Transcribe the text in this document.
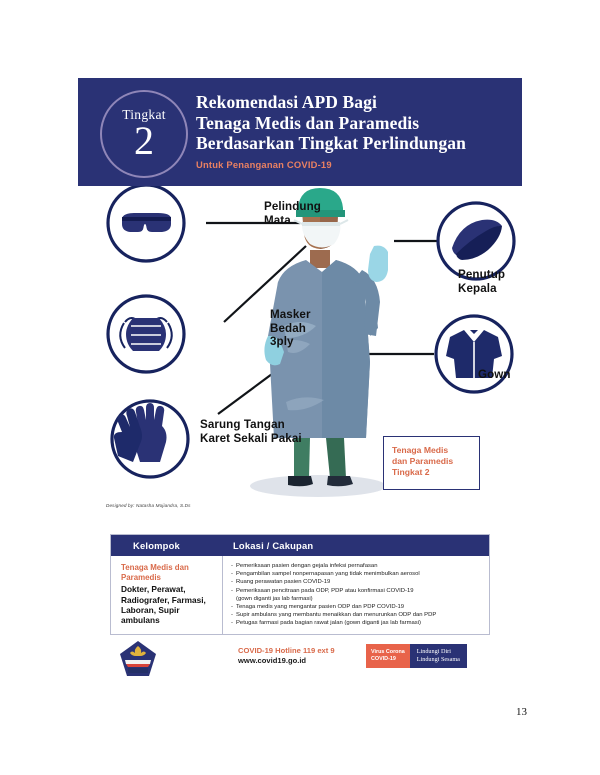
Tingkat
2
Rekomendasi APD Bagi
Tenaga Medis dan Paramedis
Berdasarkan Tingkat Perlindungan
Untuk Penanganan COVID-19
Pelindung
Mata
Masker
Bedah
3ply
Sarung Tangan
Karet Sekali Pakai
Penutup
Kepala
Gown
Designed by: Natasha Mojiandra, S.Ds
Tenaga Medis
dan Paramedis
Tingkat 2
Kelompok	Lokasi / Cakupan
Tenaga Medis dan
Paramedis
Dokter, Perawat, Radiografer, Farmasi, Laboran, Supir ambulans
- Pemeriksaan pasien dengan gejala infeksi pernafasan
- Pengambilan sampel nonpernapasan yang tidak menimbulkan aerosol
- Ruang perawatan pasien COVID-19
- Pemeriksaan pencitraan pada ODP, PDP atau konfirmasi COVID-19
(gown diganti jas lab farmasi)
- Tenaga medis yang mengantar pasien ODP dan PDP COVID-19
- Supir ambulans yang membantu menaikkan dan menurunkan ODP dan PDP
- Petugas farmasi pada bagian rawat jalan (gown diganti jas lab farmasi)
COVID-19 Hotline 119 ext 9
www.covid19.go.id
Virus Corona
COVID-19
Lindungi Diri
Lindungi Sesama
13
